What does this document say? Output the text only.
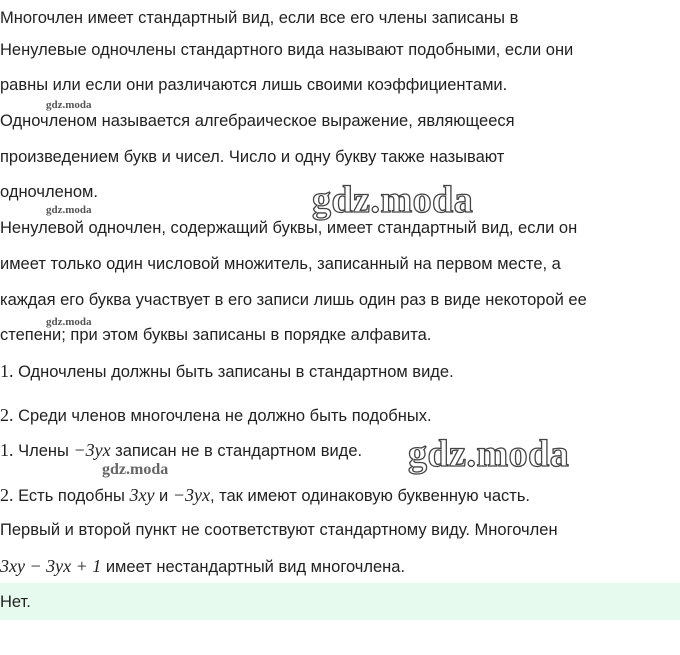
Многочлен имеет стандартный вид, если все его члены записаны в
Ненулевые одночлены стандартного вида называют подобными, если они
равны или если они различаются лишь своими коэффициентами.
Одночленом называется алгебраическое выражение, являющееся
произведением букв и чисел. Число и одну букву также называют
одночленом.
Ненулевой одночлен, содержащий буквы, имеет стандартный вид, если он
имеет только один числовой множитель, записанный на первом месте, а
каждая его буква участвует в его записи лишь один раз в виде некоторой ее
степени; при этом буквы записаны в порядке алфавита.
1. Одночлены должны быть записаны в стандартном виде.
2. Среди членов многочлена не должно быть подобных.
1. Члены −3yx записан не в стандартном виде.
2. Есть подобны 3xy и −3yx, так имеют одинаковую буквенную часть.
Первый и второй пункт не соответствуют стандартному виду. Многочлен
3xy − 3yx + 1 имеет нестандартный вид многочлена.
Нет.
gdz.moda
gdz.moda
gdz.moda
gdz.moda
gdz.moda
gdz.moda
